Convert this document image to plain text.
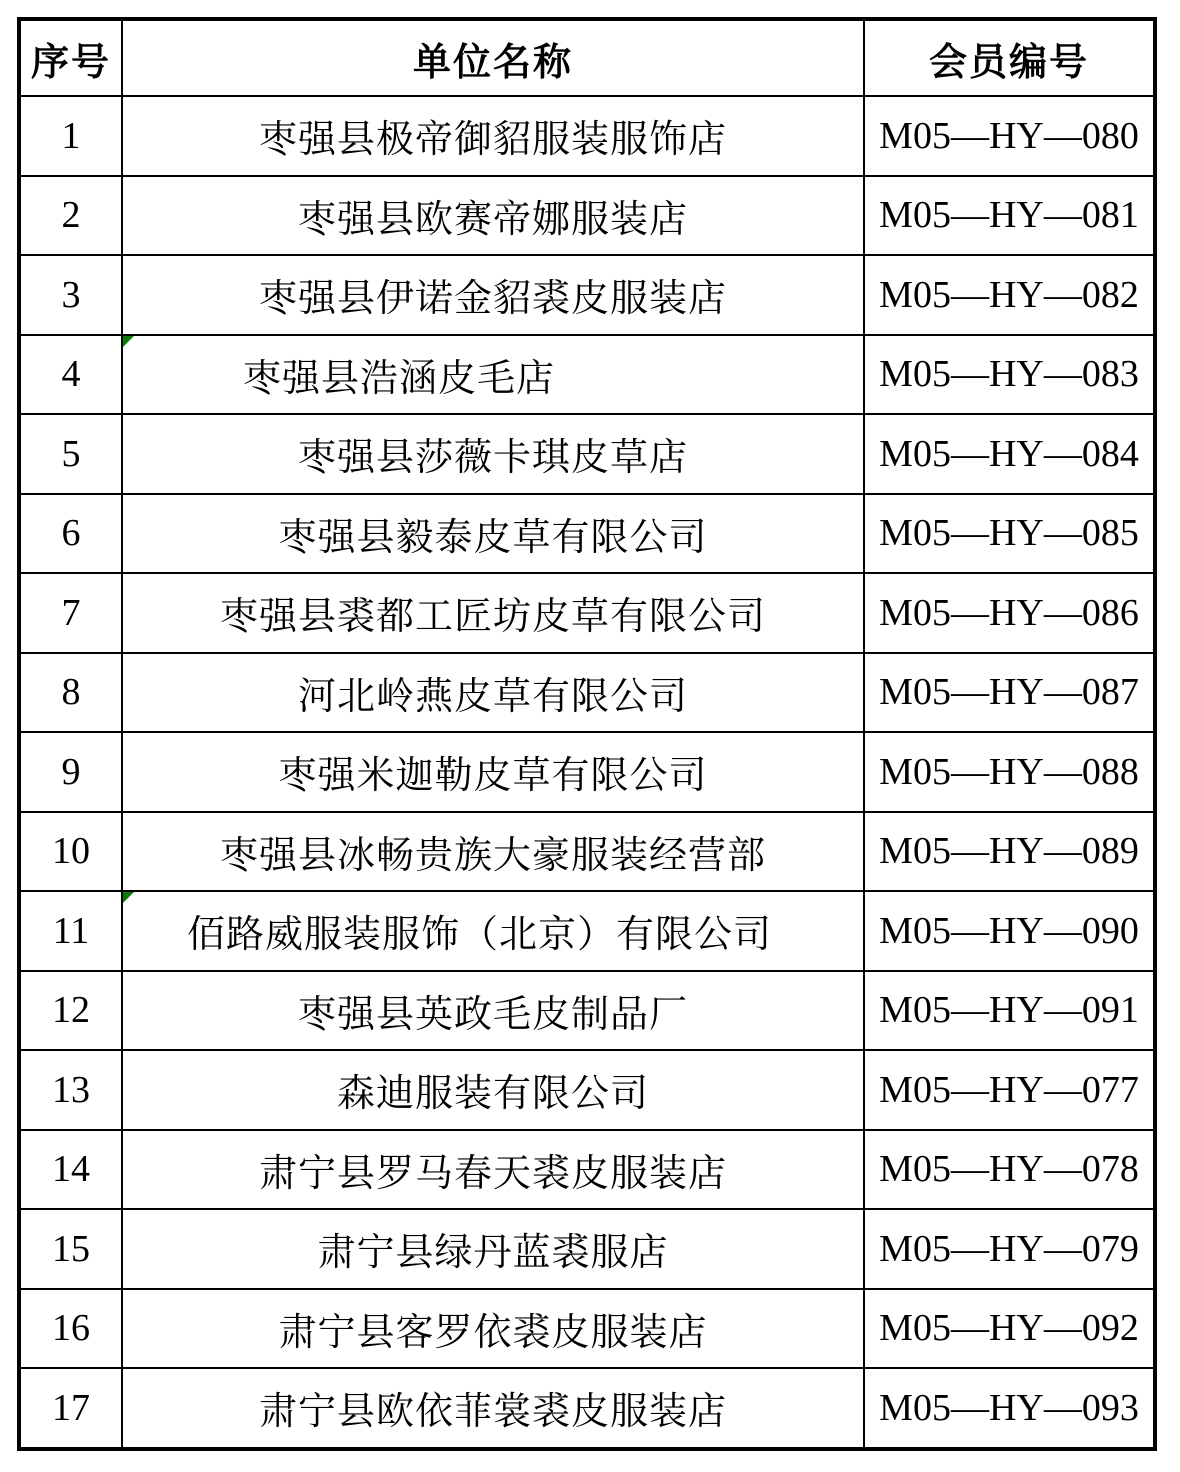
序号	单位名称	会员编号
1	枣强县极帝御貂服装服饰店	M05—HY—080
2	枣强县欧赛帝娜服装店	M05—HY—081
3	枣强县伊诺金貂裘皮服装店	M05—HY—082
4	枣强县浩涵皮毛店	M05—HY—083
5	枣强县莎薇卡琪皮草店	M05—HY—084
6	枣强县毅泰皮草有限公司	M05—HY—085
7	枣强县裘都工匠坊皮草有限公司	M05—HY—086
8	河北岭燕皮草有限公司	M05—HY—087
9	枣强米迦勒皮草有限公司	M05—HY—088
10	枣强县冰畅贵族大豪服装经营部	M05—HY—089
11	佰路威服装服饰（北京）有限公司	M05—HY—090
12	枣强县英政毛皮制品厂	M05—HY—091
13	森迪服装有限公司	M05—HY—077
14	肃宁县罗马春天裘皮服装店	M05—HY—078
15	肃宁县绿丹蓝裘服店	M05—HY—079
16	肃宁县客罗依裘皮服装店	M05—HY—092
17	肃宁县欧依菲裳裘皮服装店	M05—HY—093
